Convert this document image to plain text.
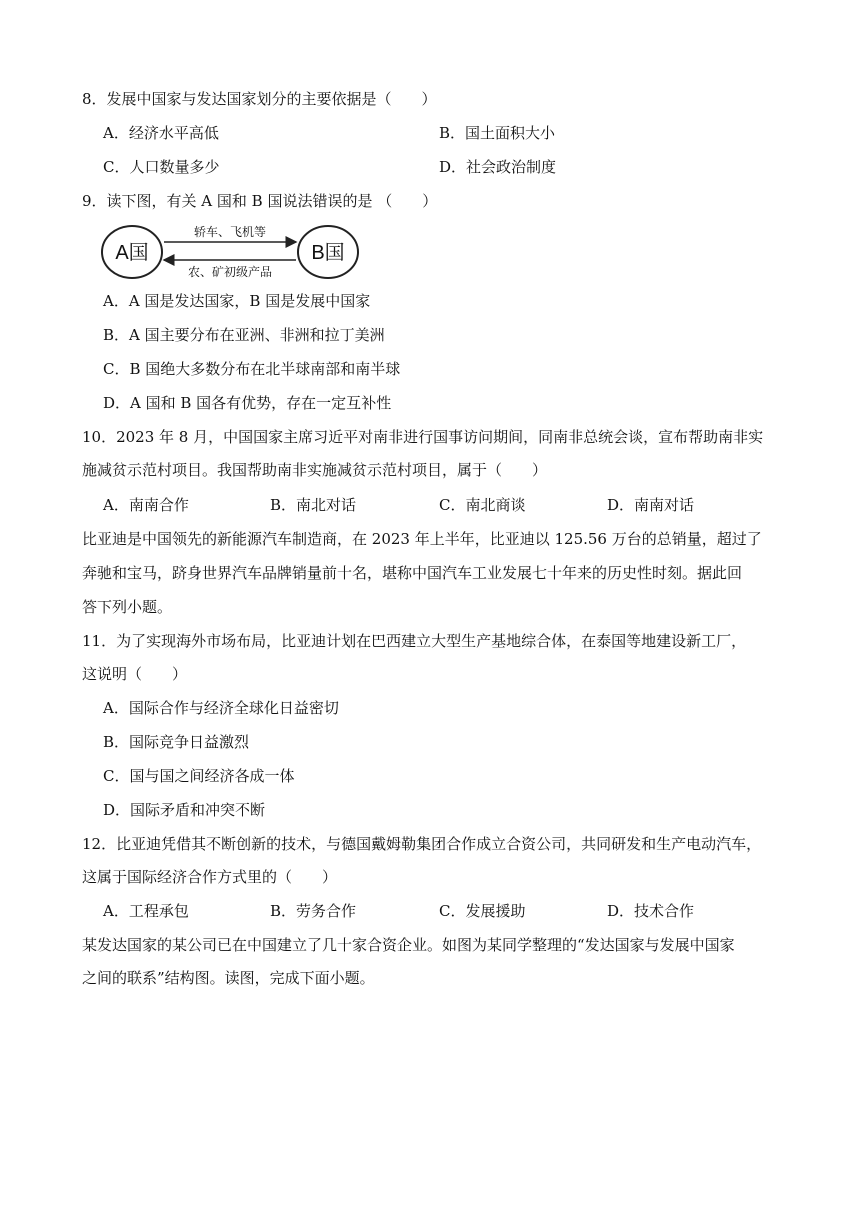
8．发展中国家与发达国家划分的主要依据是（　　）
A．经济水平高低	B．国土面积大小
C．人口数量多少	D．社会政治制度
9．读下图，有关 A 国和 B 国说法错误的是 （　　）
A国	B国
轿车、飞机等
农、矿初级产品
A．A 国是发达国家，B 国是发展中国家
B．A 国主要分布在亚洲、非洲和拉丁美洲
C．B 国绝大多数分布在北半球南部和南半球
D．A 国和 B 国各有优势，存在一定互补性
10．2023 年 8 月，中国国家主席习近平对南非进行国事访问期间，同南非总统会谈，宣布帮助南非实
施减贫示范村项目。我国帮助南非实施减贫示范村项目，属于（　　）
A．南南合作	B．南北对话	C．南北商谈	D．南南对话
比亚迪是中国领先的新能源汽车制造商，在 2023 年上半年，比亚迪以 125.56 万台的总销量，超过了
奔驰和宝马，跻身世界汽车品牌销量前十名，堪称中国汽车工业发展七十年来的历史性时刻。据此回
答下列小题。
11．为了实现海外市场布局，比亚迪计划在巴西建立大型生产基地综合体，在泰国等地建设新工厂，
这说明（　　）
A．国际合作与经济全球化日益密切
B．国际竞争日益激烈
C．国与国之间经济各成一体
D．国际矛盾和冲突不断
12．比亚迪凭借其不断创新的技术，与德国戴姆勒集团合作成立合资公司，共同研发和生产电动汽车，
这属于国际经济合作方式里的（　　）
A．工程承包	B．劳务合作	C．发展援助	D．技术合作
某发达国家的某公司已在中国建立了几十家合资企业。如图为某同学整理的“发达国家与发展中国家
之间的联系”结构图。读图，完成下面小题。
